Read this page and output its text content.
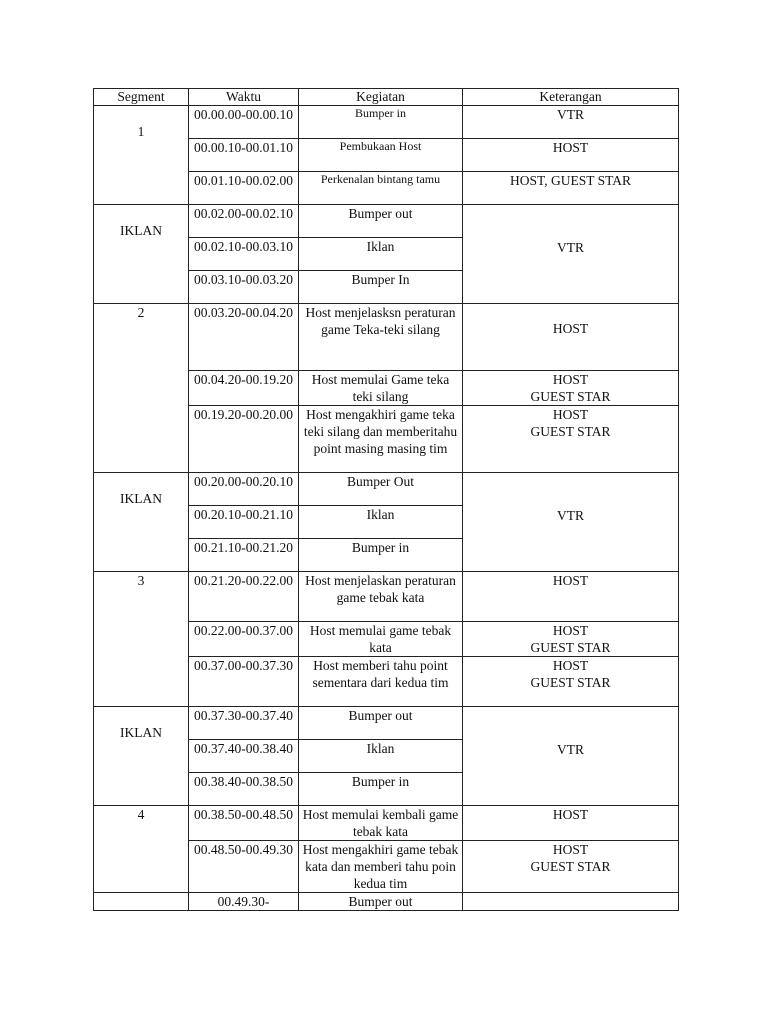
Segment	Waktu	Kegiatan	Keterangan
1	00.00.00-00.00.10	Bumper in	VTR
	00.00.10-00.01.10	Pembukaan Host	HOST
	00.01.10-00.02.00	Perkenalan bintang tamu	HOST, GUEST STAR
IKLAN	00.02.00-00.02.10	Bumper out	VTR
	00.02.10-00.03.10	Iklan	
	00.03.10-00.03.20	Bumper In	
2	00.03.20-00.04.20	Host menjelasksn peraturan game Teka-teki silang	HOST
	00.04.20-00.19.20	Host memulai Game teka teki silang	HOST
GUEST STAR
	00.19.20-00.20.00	Host mengakhiri game teka teki silang dan memberitahu point masing masing tim	HOST
GUEST STAR
IKLAN	00.20.00-00.20.10	Bumper Out	VTR
	00.20.10-00.21.10	Iklan	
	00.21.10-00.21.20	Bumper in	
3	00.21.20-00.22.00	Host menjelaskan peraturan game tebak kata	HOST
	00.22.00-00.37.00	Host memulai game tebak kata	HOST
GUEST STAR
	00.37.00-00.37.30	Host memberi tahu point sementara dari kedua tim	HOST
GUEST STAR
IKLAN	00.37.30-00.37.40	Bumper out	VTR
	00.37.40-00.38.40	Iklan	
	00.38.40-00.38.50	Bumper in	
4	00.38.50-00.48.50	Host memulai kembali game tebak kata	HOST
	00.48.50-00.49.30	Host mengakhiri game tebak kata dan memberi tahu poin kedua tim	HOST
GUEST STAR
	00.49.30-	Bumper out	
